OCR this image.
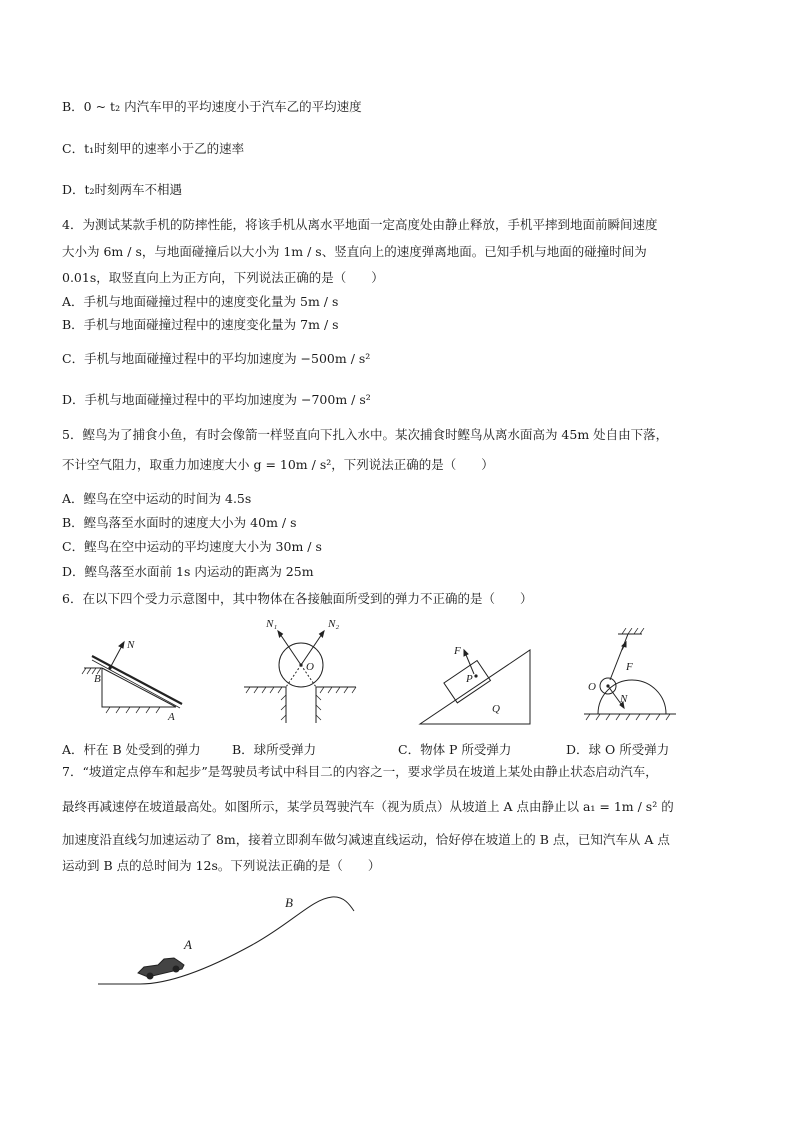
B．0 ~ t₂ 内汽车甲的平均速度小于汽车乙的平均速度
C．t₁时刻甲的速率小于乙的速率
D．t₂时刻两车不相遇
4．为测试某款手机的防摔性能，将该手机从离水平地面一定高度处由静止释放，手机平摔到地面前瞬间速度
大小为 6m / s，与地面碰撞后以大小为 1m / s、竖直向上的速度弹离地面。已知手机与地面的碰撞时间为
0.01s，取竖直向上为正方向，下列说法正确的是（　　）
A．手机与地面碰撞过程中的速度变化量为 5m / s
B．手机与地面碰撞过程中的速度变化量为 7m / s
C．手机与地面碰撞过程中的平均加速度为 −500m / s²
D．手机与地面碰撞过程中的平均加速度为 −700m / s²
5．鲣鸟为了捕食小鱼，有时会像箭一样竖直向下扎入水中。某次捕食时鲣鸟从离水面高为 45m 处自由下落，
不计空气阻力，取重力加速度大小 g = 10m / s²，下列说法正确的是（　　）
A．鲣鸟在空中运动的时间为 4.5s
B．鲣鸟落至水面时的速度大小为 40m / s
C．鲣鸟在空中运动的平均速度大小为 30m / s
D．鲣鸟落至水面前 1s 内运动的距离为 25m
6．在以下四个受力示意图中，其中物体在各接触面所受到的弹力不正确的是（　　）
N
B
A
N₁	N₂
O
F
P
Q
O
F
N
A．杆在 B 处受到的弹力	B．球所受弹力	C．物体 P 所受弹力	D．球 O 所受弹力
7．“坡道定点停车和起步”是驾驶员考试中科目二的内容之一，要求学员在坡道上某处由静止状态启动汽车，
最终再减速停在坡道最高处。如图所示，某学员驾驶汽车（视为质点）从坡道上 A 点由静止以 a₁ = 1m / s² 的
加速度沿直线匀加速运动了 8m，接着立即刹车做匀减速直线运动，恰好停在坡道上的 B 点，已知汽车从 A 点
运动到 B 点的总时间为 12s。下列说法正确的是（　　）
A
B
